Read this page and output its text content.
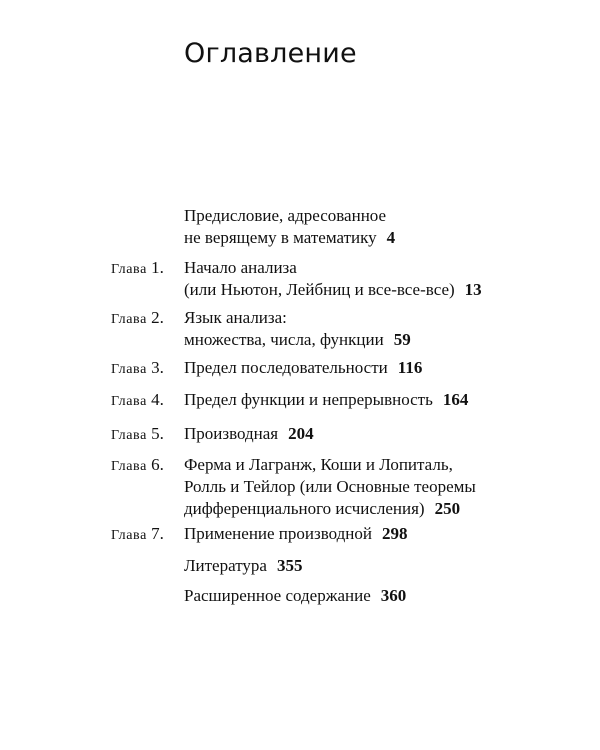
Оглавление
Предисловие, адресованное
не верящему в математику 4
Глава 1. Начало анализа
(или Ньютон, Лейбниц и все-все-все) 13
Глава 2. Язык анализа:
множества, числа, функции 59
Глава 3. Предел последовательности 116
Глава 4. Предел функции и непрерывность 164
Глава 5. Производная 204
Глава 6. Ферма и Лагранж, Коши и Лопиталь,
Ролль и Тейлор (или Основные теоремы
дифференциального исчисления) 250
Глава 7. Применение производной 298
Литература 355
Расширенное содержание 360
